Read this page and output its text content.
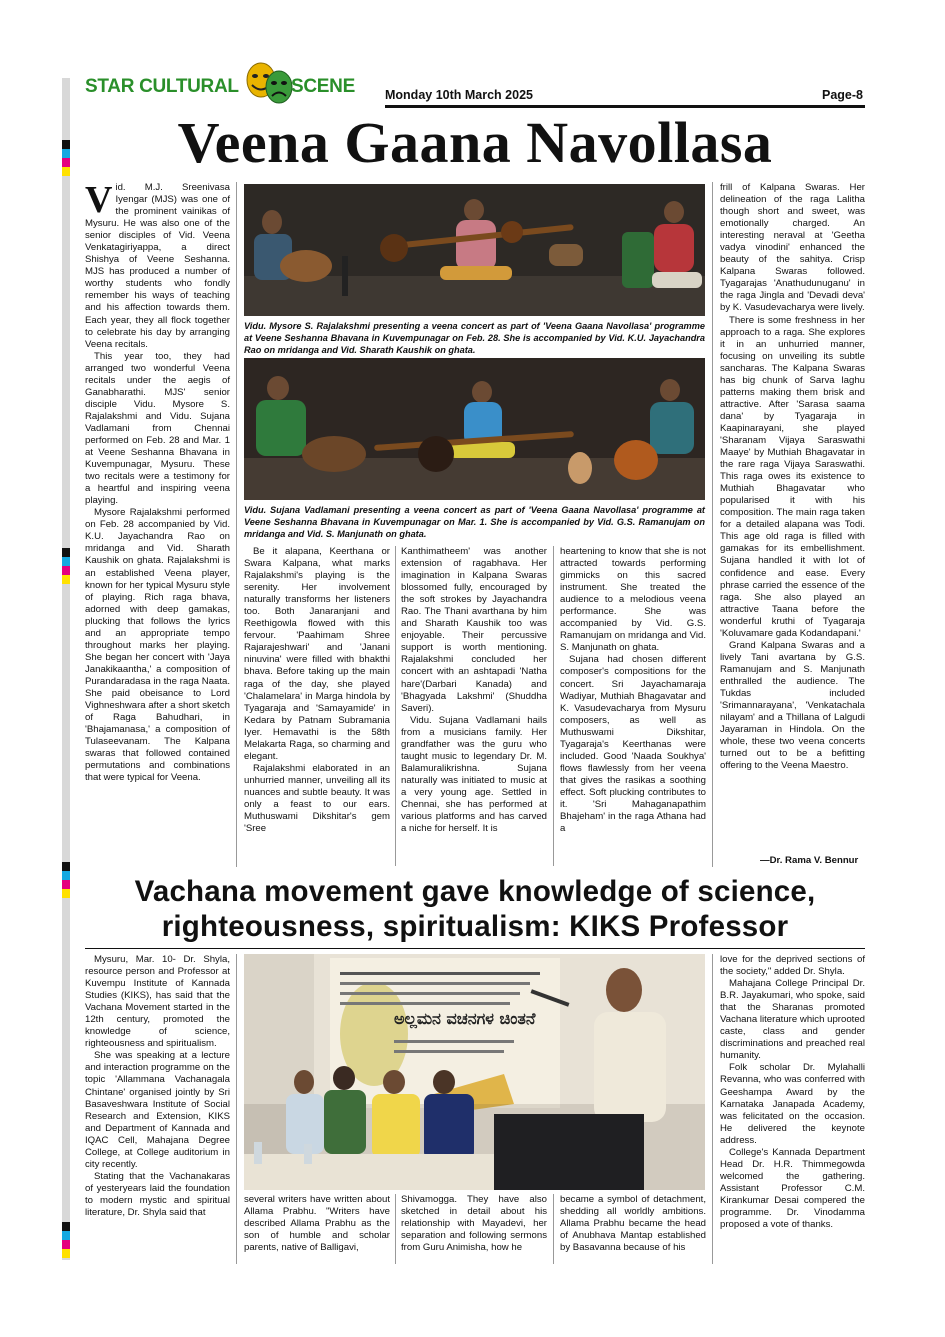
STAR CULTURAL	SCENE Monday 10th March 2025	Page-8
Veena Gaana Navollasa

Vid. M.J. Sreenivasa Iyengar (MJS) was one of the prominent vainikas of Mysuru. He was also one of the senior disciples of Vid. Veena Venkatagiriyappa, a direct Shishya of Veene Seshanna. MJS has produced a number of worthy students who fondly remember his ways of teaching and his affection towards them. Each year, they all flock together to celebrate his day by arranging Veena recitals.

This year too, they had arranged two wonderful Veena recitals under the aegis of Ganabharathi. MJS' senior disciple Vidu. Mysore S. Rajalakshmi and Vidu. Sujana Vadlamani from Chennai performed on Feb. 28 and Mar. 1 at Veene Seshanna Bhavana in Kuvempunagar, Mysuru. These two recitals were a testimony for a heartful and inspiring veena playing.

Mysore Rajalakshmi performed on Feb. 28 accompanied by Vid. K.U. Jayachandra Rao on mridanga and Vid. Sharath Kaushik on ghata. Rajalakshmi is an established Veena player, known for her typical Mysuru style of playing. Rich raga bhava, adorned with deep gamakas, plucking that follows the lyrics and an appropriate tempo throughout marks her playing. She began her concert with 'Jaya Janakikaantha,' a composition of Purandaradasa in the raga Naata. She paid obeisance to Lord Vighneshwara after a short sketch of Raga Bahudhari, in 'Bhajamanasa,' a composition of Tulaseevanam. The Kalpana swaras that followed contained permutations and combinations that were typical for Veena.

Vidu. Mysore S. Rajalakshmi presenting a veena concert as part of 'Veena Gaana Navollasa' programme at Veene Seshanna Bhavana in Kuvempunagar on Feb. 28. She is accompanied by Vid. K.U. Jayachandra Rao on mridanga and Vid. Sharath Kaushik on ghata.
Vidu. Sujana Vadlamani presenting a veena concert as part of 'Veena Gaana Navollasa' programme at Veene Seshanna Bhavana in Kuvempunagar on Mar. 1. She is accompanied by Vid. G.S. Ramanujam on mridanga and Vid. S. Manjunath on ghata.

Be it alapana, Keerthana or Swara Kalpana, what marks Rajalakshmi's playing is the serenity. Her involvement naturally transforms her listeners too. Both Janaranjani and Reethigowla flowed with this fervour. 'Paahimam Shree Rajarajeshwari' and 'Janani ninuvina' were filled with bhakthi bhava. Before taking up the main raga of the day, she played 'Chalamelara' in Marga hindola by Tyagaraja and 'Samayamide' in Kedara by Patnam Subramania Iyer. Hemavathi is the 58th Melakarta Raga, so charming and elegant.

Rajalakshmi elaborated in an unhurried manner, unveiling all its nuances and subtle beauty. It was only a feast to our ears. Muthuswami Dikshitar's gem 'Sree

Kanthimatheem' was another extension of ragabhava. Her imagination in Kalpana Swaras blossomed fully, encouraged by the soft strokes by Jayachandra Rao. The Thani avarthana by him and Sharath Kaushik too was enjoyable. Their percussive support is worth mentioning. Rajalakshmi concluded her concert with an ashtapadi 'Natha hare'(Darbari Kanada) and 'Bhagyada Lakshmi' (Shuddha Saveri).

Vidu. Sujana Vadlamani hails from a musicians family. Her grandfather was the guru who taught music to legendary Dr. M. Balamuralikrishna. Sujana naturally was initiated to music at a very young age. Settled in Chennai, she has performed at various platforms and has carved a niche for herself. It is

heartening to know that she is not attracted towards performing gimmicks on this sacred instrument. She treated the audience to a melodious veena performance. She was accompanied by Vid. G.S. Ramanujam on mridanga and Vid. S. Manjunath on ghata.

Sujana had chosen different composer's compositions for the concert. Sri Jayachamaraja Wadiyar, Muthiah Bhagavatar and K. Vasudevacharya from Mysuru composers, as well as Muthuswami Dikshitar, Tyagaraja's Keerthanas were included. Good 'Naada Soukhya' flows flawlessly from her veena that gives the rasikas a soothing effect. Soft plucking contributes to it. 'Sri Mahaganapathim Bhajeham' in the raga Athana had a

frill of Kalpana Swaras. Her delineation of the raga Lalitha though short and sweet, was emotionally charged. An interesting neraval at 'Geetha vadya vinodini' enhanced the beauty of the sahitya. Crisp Kalpana Swaras followed. Tyagarajas 'Anathudunuganu' in the raga Jingla and 'Devadi deva' by K. Vasudevacharya were lively.

There is some freshness in her approach to a raga. She explores it in an unhurried manner, focusing on unveiling its subtle sancharas. The Kalpana Swaras has big chunk of Sarva laghu patterns making them brisk and attractive. After 'Sarasa saama dana' by Tyagaraja in Kaapinarayani, she played 'Sharanam Vijaya Saraswathi Maaye' by Muthiah Bhagavatar in the rare raga Vijaya Saraswathi. This raga owes its existence to Muthiah Bhagavatar who popularised it with his composition. The main raga taken for a detailed alapana was Todi. This age old raga is filled with gamakas for its embellishment. Sujana handled it with lot of confidence and ease. Every phrase carried the essence of the raga. She also played an attractive Taana before the wonderful kruthi of Tyagaraja 'Koluvamare gada Kodandapani.'

Grand Kalpana Swaras and a lively Tani avartana by G.S. Ramanujam and S. Manjunath enthralled the audience. The Tukdas included 'Srimannarayana', 'Venkatachala nilayam' and a Thillana of Lalgudi Jayaraman in Hindola. On the whole, these two veena concerts turned out to be a befitting offering to the Veena Maestro.

—Dr. Rama V. Bennur
Vachana movement gave knowledge of science,
righteousness, spiritualism: KIKS Professor

Mysuru, Mar. 10- Dr. Shyla, resource person and Professor at Kuvempu Institute of Kannada Studies (KIKS), has said that the Vachana Movement started in the 12th century, promoted the knowledge of science, righteousness and spiritualism.

She was speaking at a lecture and interaction programme on the topic 'Allammana Vachanagala Chintane' organised jointly by Sri Basaveshwara Institute of Social Research and Extension, KIKS and Department of Kannada and IQAC Cell, Mahajana Degree College, at College auditorium in city recently.

Stating that the Vachanakaras of yesteryears laid the foundation to modern mystic and spiritual literature, Dr. Shyla said that

ಅಲ್ಲಮನ ವಚನಗಳ ಚಿಂತನೆ

several writers have written about Allama Prabhu. "Writers have described Allama Prabhu as the son of humble and scholar parents, native of Balligavi,

Shivamogga. They have also sketched in detail about his relationship with Mayadevi, her separation and following sermons from Guru Animisha, how he

became a symbol of detachment, shedding all worldly ambitions. Allama Prabhu became the head of Anubhava Mantap established by Basavanna because of his

love for the deprived sections of the society," added Dr. Shyla.

Mahajana College Principal Dr. B.R. Jayakumari, who spoke, said that the Sharanas promoted Vachana literature which uprooted caste, class and gender discriminations and preached real humanity.

Folk scholar Dr. Mylahalli Revanna, who was conferred with Geeshampa Award by the Karnataka Janapada Academy, was felicitated on the occasion. He delivered the keynote address.

College's Kannada Department Head Dr. H.R. Thimmegowda welcomed the gathering. Assistant Professor C.M. Kirankumar Desai compered the programme. Dr. Vinodamma proposed a vote of thanks.
